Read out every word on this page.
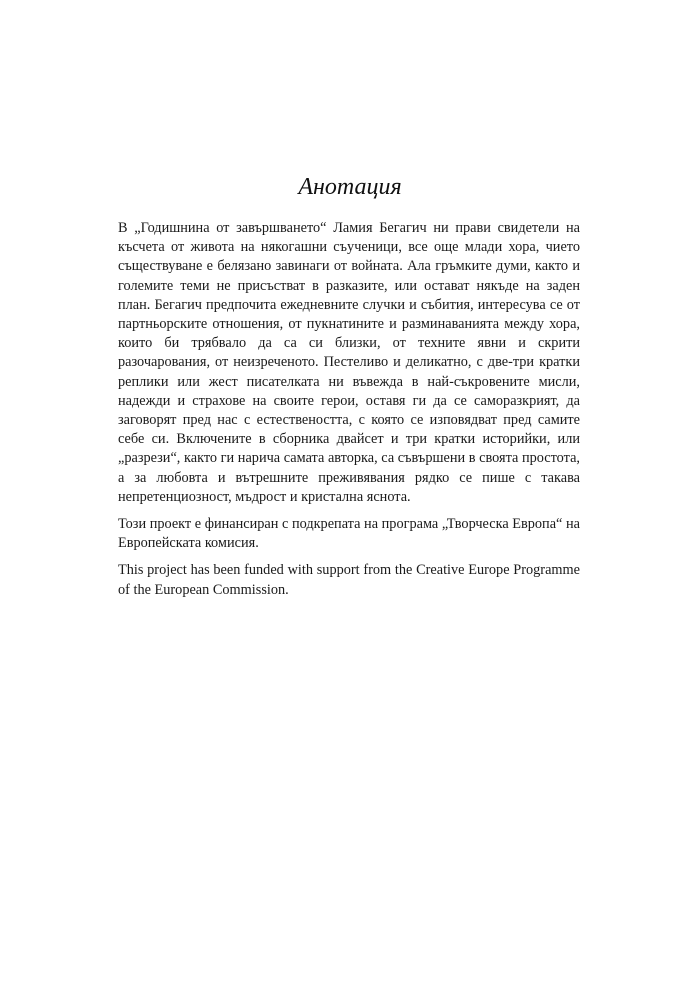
Анотация

В „Годишнина от завършването“ Ламия Бегагич ни прави свидетели на късчета от живота на някогашни съученици, все още млади хора, чието съществуване е белязано завинаги от войната. Ала гръмките думи, както и големите теми не присъстват в разказите, или остават някъде на заден план. Бегагич предпочита ежедневните случки и събития, интересува се от партньорските отношения, от пукнатините и разминаванията между хора, които би трябвало да са си близки, от техните явни и скрити разочарования, от неизреченото. Пестеливо и деликатно, с две-три кратки реплики или жест писателката ни въвежда в най-съкровените мисли, надежди и страхове на своите герои, оставя ги да се саморазкрият, да заговорят пред нас с естествеността, с която се изповядват пред самите себе си. Включените в сборника двайсет и три кратки историйки, или „разрези“, както ги нарича самата авторка, са съвършени в своята простота, а за любовта и вътрешните преживявания рядко се пише с такава непретенциозност, мъдрост и кристална яснота.

Този проект е финансиран с подкрепата на програма „Творческа Европа“ на Европейската комисия.

This project has been funded with support from the Creative Europe Programme of the European Commission.
